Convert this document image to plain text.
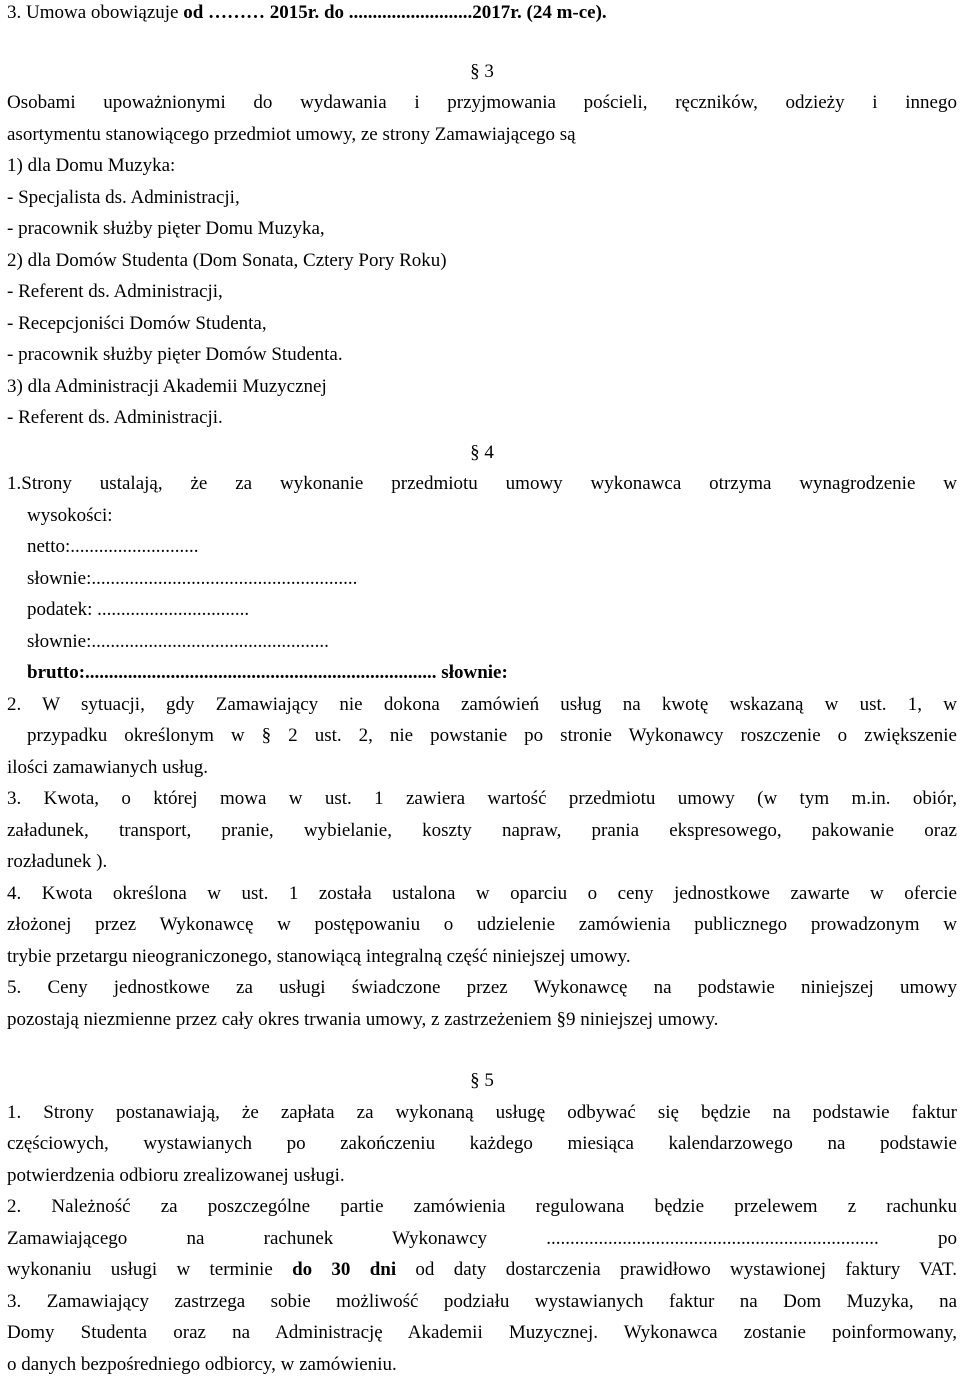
3. Umowa obowiązuje od ……… 2015r. do ..........................2017r. (24 m-ce).
§ 3
Osobami upoważnionymi do wydawania i przyjmowania pościeli, ręczników, odzieży i innego
asortymentu stanowiącego przedmiot umowy, ze strony Zamawiającego są
1) dla Domu Muzyka:
- Specjalista ds. Administracji,
- pracownik służby pięter Domu Muzyka,
2) dla Domów Studenta (Dom Sonata, Cztery Pory Roku)
- Referent ds. Administracji,
- Recepcjoniści Domów Studenta,
- pracownik służby pięter Domów Studenta.
3) dla Administracji Akademii Muzycznej
- Referent ds. Administracji.
§ 4
1.Strony ustalają, że za wykonanie przedmiotu umowy wykonawca otrzyma wynagrodzenie w
wysokości:
netto:...........................
słownie:........................................................
podatek: ................................
słownie:..................................................
brutto:.......................................................................... słownie:
2. W sytuacji, gdy Zamawiający nie dokona zamówień usług na kwotę wskazaną w ust. 1, w
przypadku określonym w § 2 ust. 2, nie powstanie po stronie Wykonawcy roszczenie o zwiększenie
ilości zamawianych usług.
3. Kwota, o której mowa w ust. 1 zawiera wartość przedmiotu umowy (w tym m.in. obiór,
załadunek, transport, pranie, wybielanie, koszty napraw, prania ekspresowego, pakowanie oraz
rozładunek ).
4. Kwota określona w ust. 1 została ustalona w oparciu o ceny jednostkowe zawarte w ofercie
złożonej przez Wykonawcę w postępowaniu o udzielenie zamówienia publicznego prowadzonym w
trybie przetargu nieograniczonego, stanowiącą integralną część niniejszej umowy.
5. Ceny jednostkowe za usługi świadczone przez Wykonawcę na podstawie niniejszej umowy
pozostają niezmienne przez cały okres trwania umowy, z zastrzeżeniem §9 niniejszej umowy.
§ 5
1. Strony postanawiają, że zapłata za wykonaną usługę odbywać się będzie na podstawie faktur
częściowych, wystawianych po zakończeniu każdego miesiąca kalendarzowego na podstawie
potwierdzenia odbioru zrealizowanej usługi.
2. Należność za poszczególne partie zamówienia regulowana będzie przelewem z rachunku
Zamawiającego na rachunek Wykonawcy ...................................................................... po
wykonaniu usługi w terminie do 30 dni od daty dostarczenia prawidłowo wystawionej faktury VAT.
3. Zamawiający zastrzega sobie możliwość podziału wystawianych faktur na Dom Muzyka, na
Domy Studenta oraz na Administrację Akademii Muzycznej. Wykonawca zostanie poinformowany,
o danych bezpośredniego odbiorcy, w zamówieniu.
